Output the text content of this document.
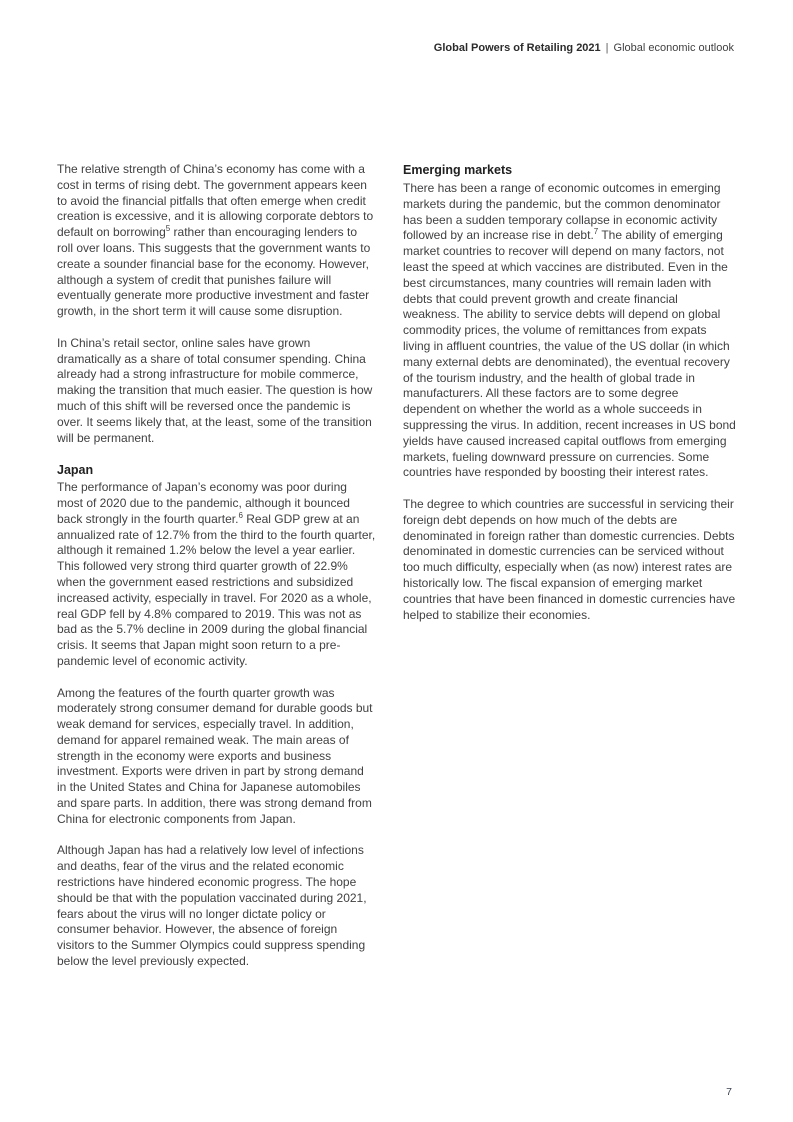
Global Powers of Retailing 2021 | Global economic outlook

The relative strength of China’s economy has come with a cost in terms of rising debt. The government appears keen to avoid the financial pitfalls that often emerge when credit creation is excessive, and it is allowing corporate debtors to default on borrowing$^5$ rather than encouraging lenders to roll over loans. This suggests that the government wants to create a sounder financial base for the economy. However, although a system of credit that punishes failure will eventually generate more productive investment and faster growth, in the short term it will cause some disruption.

In China’s retail sector, online sales have grown dramatically as a share of total consumer spending. China already had a strong infrastructure for mobile commerce, making the transition that much easier. The question is how much of this shift will be reversed once the pandemic is over. It seems likely that, at the least, some of the transition will be permanent.

Japan

The performance of Japan’s economy was poor during most of 2020 due to the pandemic, although it bounced back strongly in the fourth quarter.$^6$ Real GDP grew at an annualized rate of 12.7% from the third to the fourth quarter, although it remained 1.2% below the level a year earlier. This followed very strong third quarter growth of 22.9% when the government eased restrictions and subsidized increased activity, especially in travel. For 2020 as a whole, real GDP fell by 4.8% compared to 2019. This was not as bad as the 5.7% decline in 2009 during the global financial crisis. It seems that Japan might soon return to a pre-pandemic level of economic activity.

Among the features of the fourth quarter growth was moderately strong consumer demand for durable goods but weak demand for services, especially travel. In addition, demand for apparel remained weak. The main areas of strength in the economy were exports and business investment. Exports were driven in part by strong demand in the United States and China for Japanese automobiles and spare parts. In addition, there was strong demand from China for electronic components from Japan.

Although Japan has had a relatively low level of infections and deaths, fear of the virus and the related economic restrictions have hindered economic progress. The hope should be that with the population vaccinated during 2021, fears about the virus will no longer dictate policy or consumer behavior. However, the absence of foreign visitors to the Summer Olympics could suppress spending below the level previously expected.

Emerging markets

There has been a range of economic outcomes in emerging markets during the pandemic, but the common denominator has been a sudden temporary collapse in economic activity followed by an increase rise in debt.$^7$ The ability of emerging market countries to recover will depend on many factors, not least the speed at which vaccines are distributed. Even in the best circumstances, many countries will remain laden with debts that could prevent growth and create financial weakness. The ability to service debts will depend on global commodity prices, the volume of remittances from expats living in affluent countries, the value of the US dollar (in which many external debts are denominated), the eventual recovery of the tourism industry, and the health of global trade in manufacturers. All these factors are to some degree dependent on whether the world as a whole succeeds in suppressing the virus. In addition, recent increases in US bond yields have caused increased capital outflows from emerging markets, fueling downward pressure on currencies. Some countries have responded by boosting their interest rates.

The degree to which countries are successful in servicing their foreign debt depends on how much of the debts are denominated in foreign rather than domestic currencies. Debts denominated in domestic currencies can be serviced without too much difficulty, especially when (as now) interest rates are historically low. The fiscal expansion of emerging market countries that have been financed in domestic currencies have helped to stabilize their economies.

7
